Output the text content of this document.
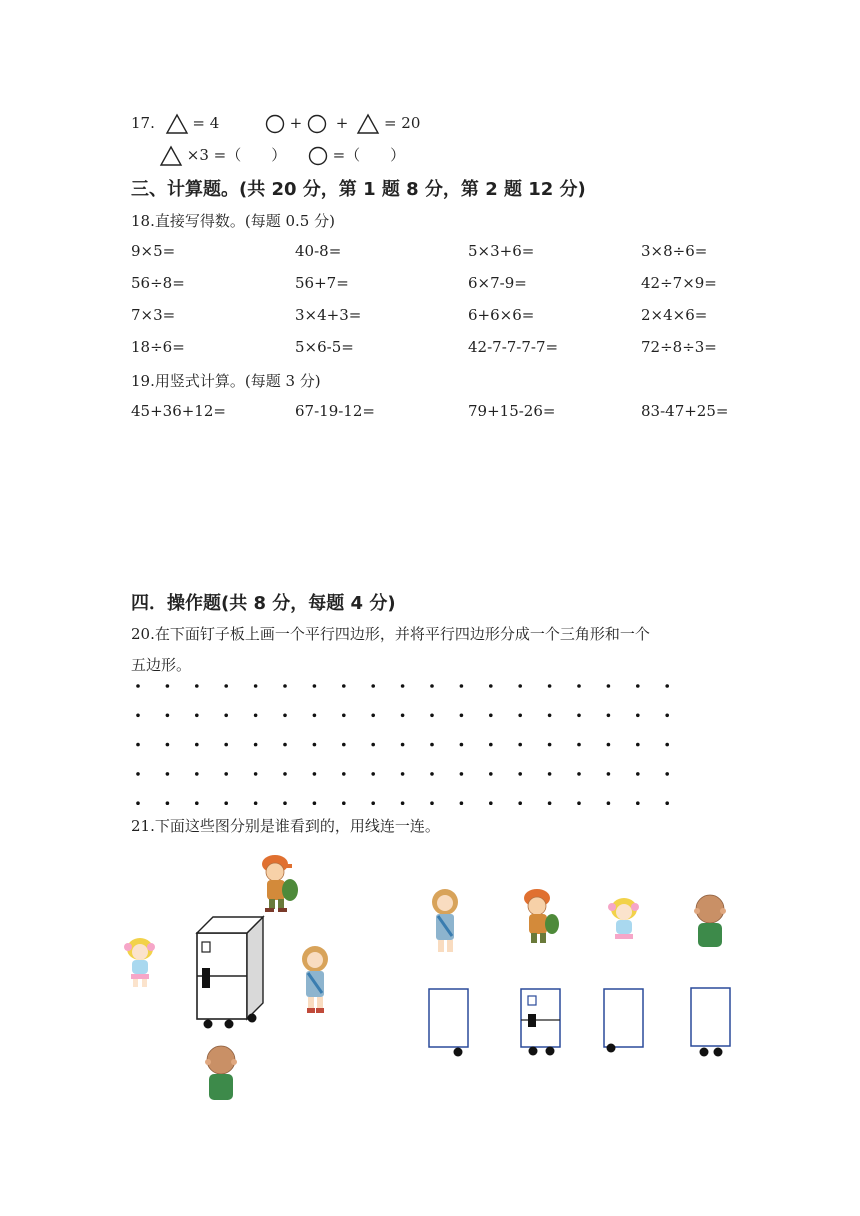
17.	= 4	+ + = 20
×3 =（　　）	=（　　）
三、计算题。(共 20 分，第 1 题 8 分，第 2 题 12 分)
18.直接写得数。(每题 0.5 分)
9×5=	40-8=	5×3+6=	3×8÷6=
56÷8=	56+7=	6×7-9=	42÷7×9=
7×3=	3×4+3=	6+6×6=	2×4×6=
18÷6=	5×6-5=	42-7-7-7-7=	72÷8÷3=
19.用竖式计算。(每题 3 分)
45+36+12=	67-19-12=	79+15-26=	83-47+25=
四．操作题(共 8 分，每题 4 分)
20.在下面钉子板上画一个平行四边形，并将平行四边形分成一个三角形和一个
五边形。
21.下面这些图分别是谁看到的，用线连一连。
